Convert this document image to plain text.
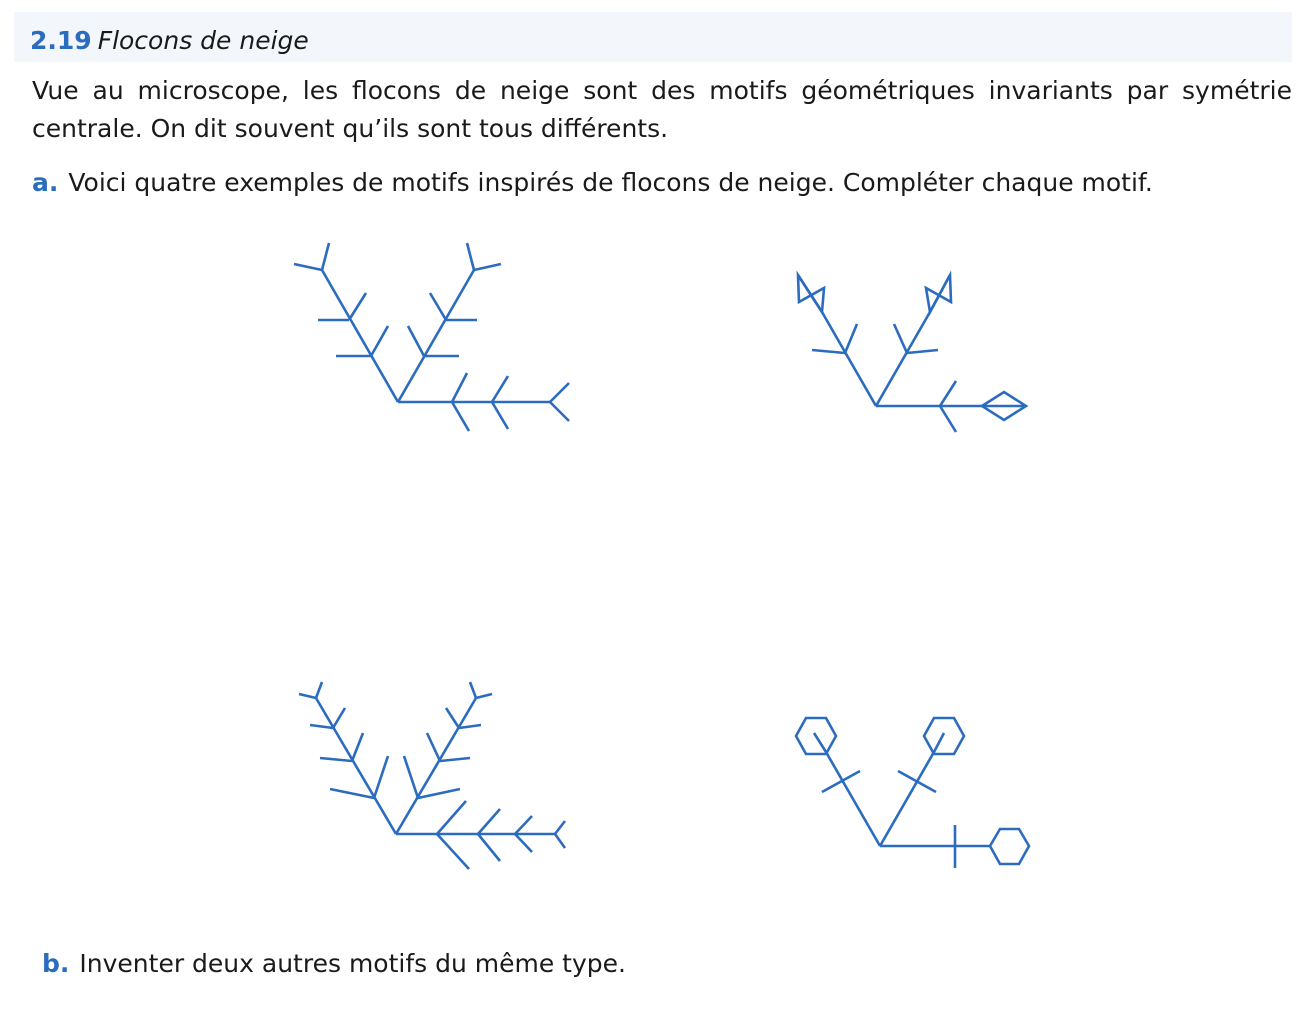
2.19 Flocons de neige
Vue au microscope, les flocons de neige sont des motifs géométriques invariants par symétrie centrale. On dit souvent qu’ils sont tous différents.
a. Voici quatre exemples de motifs inspirés de flocons de neige. Compléter chaque motif.
b. Inventer deux autres motifs du même type.
